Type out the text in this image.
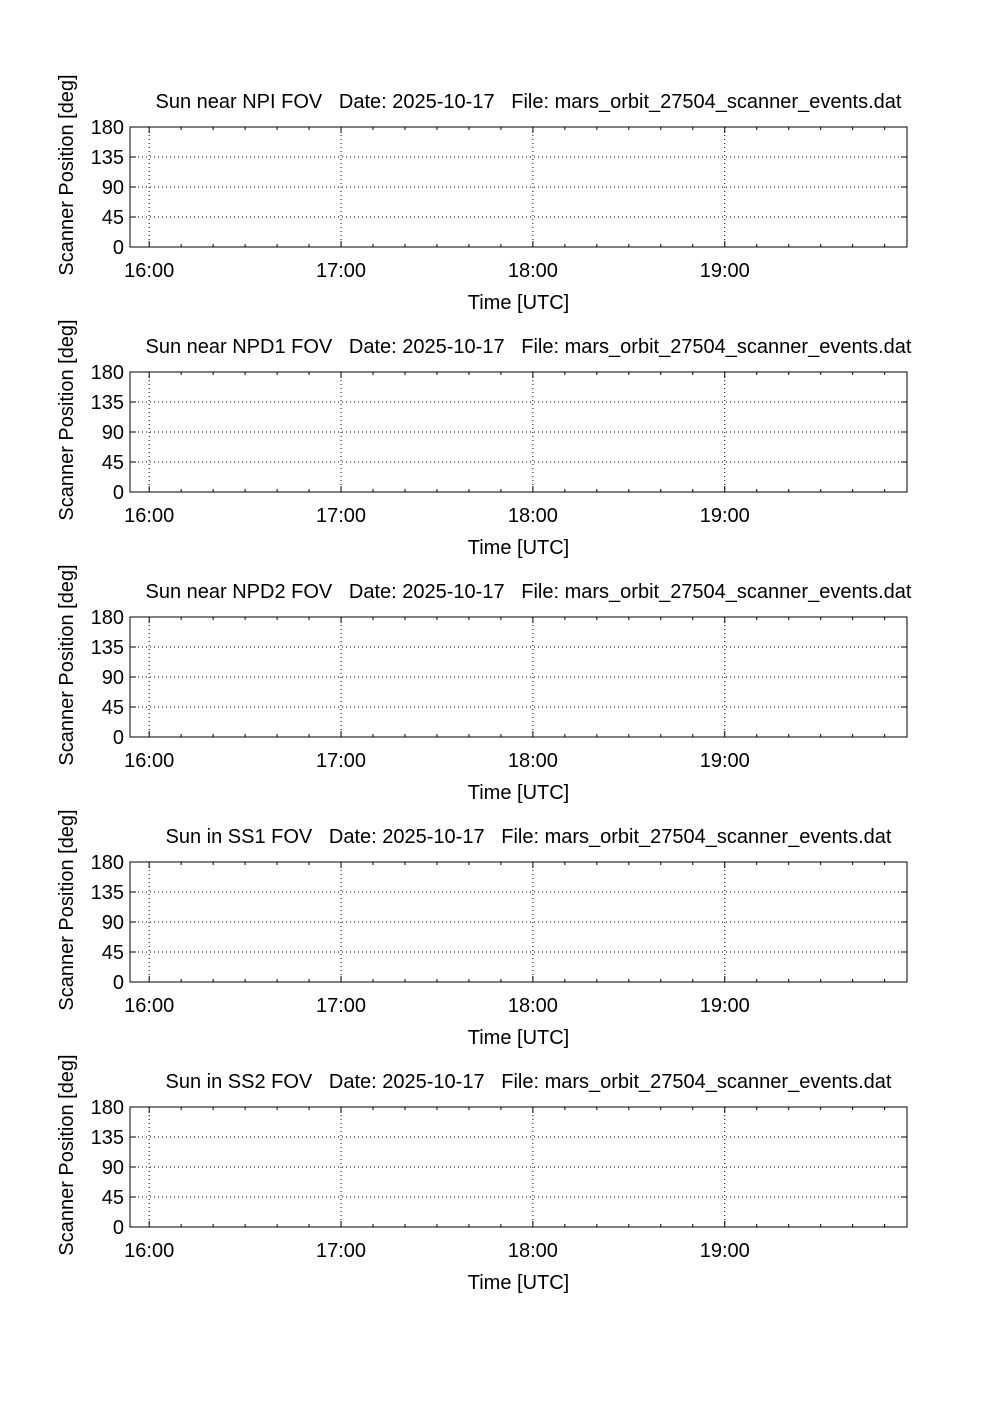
Sun near NPI FOV   Date: 2025-10-17   File: mars_orbit_27504_scanner_events.dat
0
45
90
135
180
16:00	17:00	18:00	19:00
Time [UTC]
Scanner Position [deg]
Sun near NPD1 FOV   Date: 2025-10-17   File: mars_orbit_27504_scanner_events.dat
0
45
90
135
180
16:00	17:00	18:00	19:00
Time [UTC]
Scanner Position [deg]
Sun near NPD2 FOV   Date: 2025-10-17   File: mars_orbit_27504_scanner_events.dat
0
45
90
135
180
16:00	17:00	18:00	19:00
Time [UTC]
Scanner Position [deg]
Sun in SS1 FOV   Date: 2025-10-17   File: mars_orbit_27504_scanner_events.dat
0
45
90
135
180
16:00	17:00	18:00	19:00
Time [UTC]
Scanner Position [deg]
Sun in SS2 FOV   Date: 2025-10-17   File: mars_orbit_27504_scanner_events.dat
0
45
90
135
180
16:00	17:00	18:00	19:00
Time [UTC]
Scanner Position [deg]
